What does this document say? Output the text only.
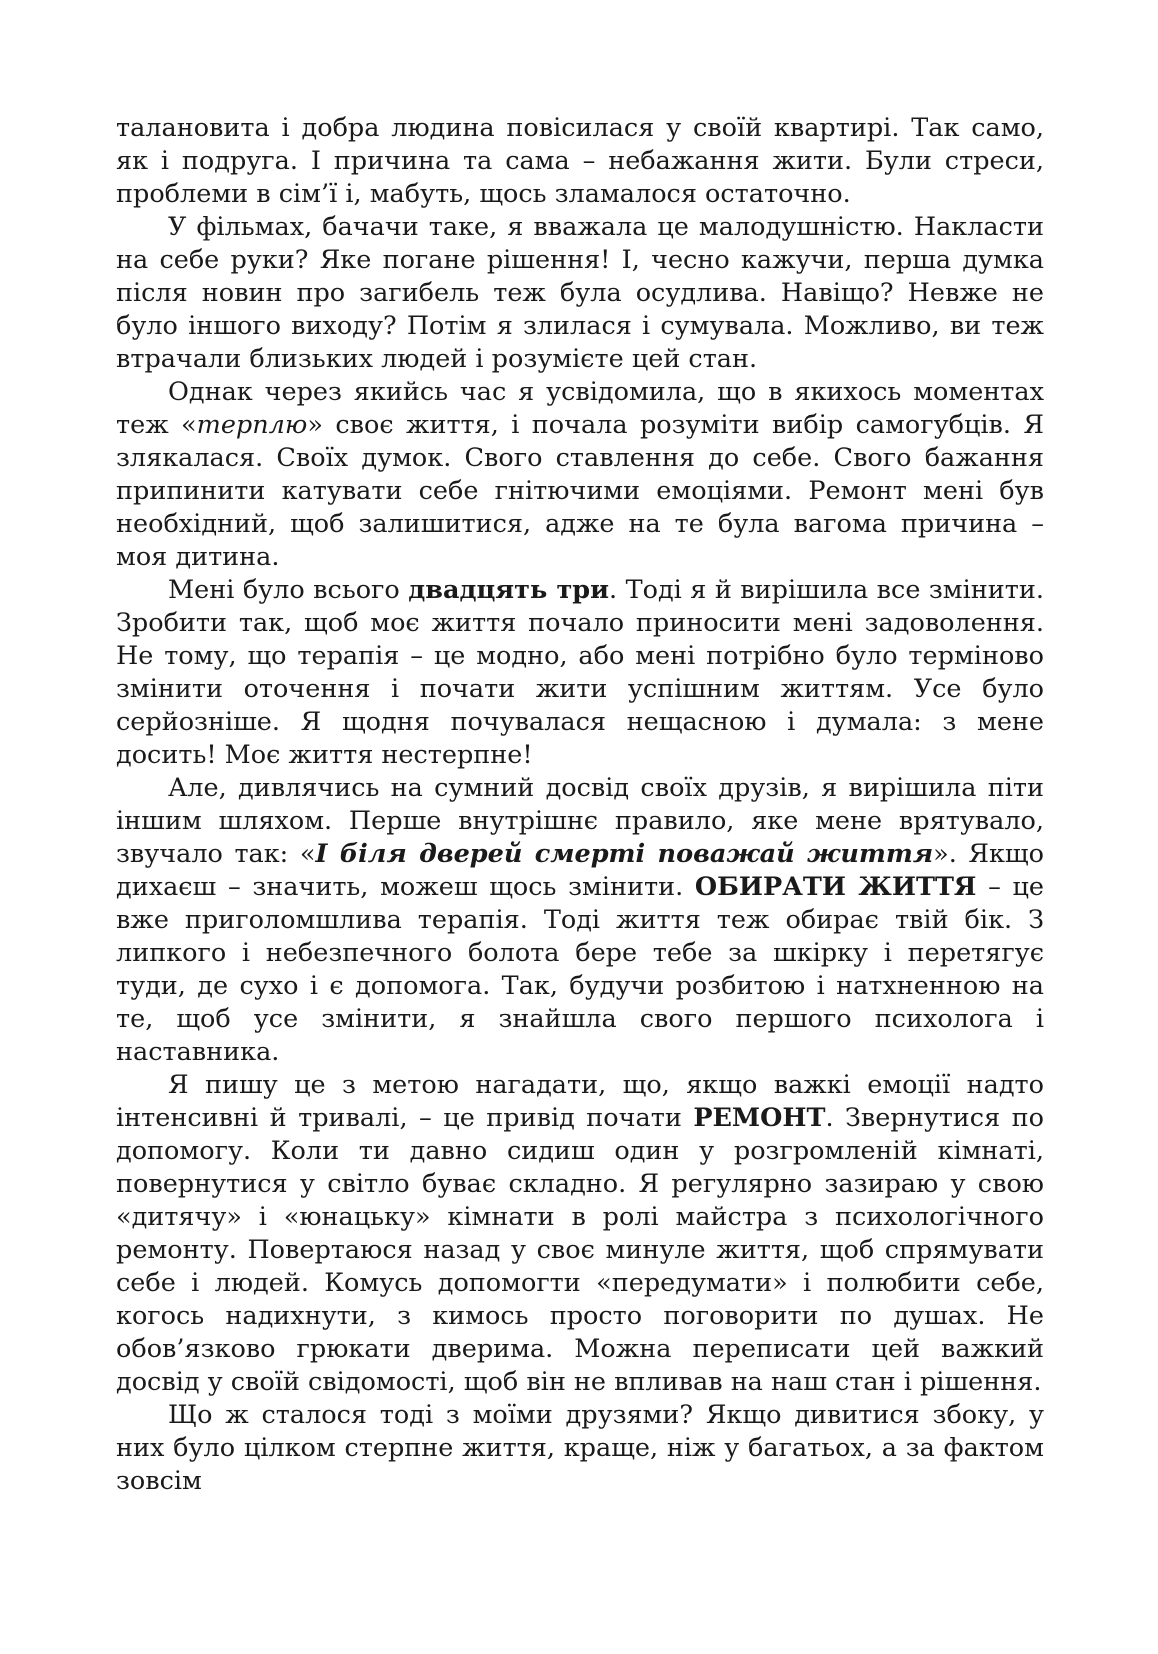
талановита і добра людина повісилася у своїй квартирі. Так само, як і подруга. І причина та сама – небажання жити. Були стреси, проблеми в сім’ї і, мабуть, щось зламалося остаточно.

У фільмах, бачачи таке, я вважала це малодушністю. Накласти на себе руки? Яке погане рішення! І, чесно кажучи, перша думка після новин про загибель теж була осудлива. Навіщо? Невже не було іншого виходу? Потім я злилася і сумувала. Можливо, ви теж втрачали близьких людей і розумієте цей стан.

Однак через якийсь час я усвідомила, що в якихось моментах теж «терплю» своє життя, і почала розуміти вибір самогубців. Я злякалася. Своїх думок. Свого ставлення до себе. Свого бажання припинити катувати себе гнітючими емоціями. Ремонт мені був необхідний, щоб залишитися, адже на те була вагома причина – моя дитина.

Мені було всього двадцять три. Тоді я й вирішила все змінити. Зробити так, щоб моє життя почало приносити мені задоволення. Не тому, що терапія – це модно, або мені потрібно було терміново змінити оточення і почати жити успішним життям. Усе було серйозніше. Я щодня почувалася нещасною і думала: з мене досить! Моє життя нестерпне!

Але, дивлячись на сумний досвід своїх друзів, я вирішила піти іншим шляхом. Перше внутрішнє правило, яке мене врятувало, звучало так: «І біля дверей смерті поважай життя». Якщо дихаєш – значить, можеш щось змінити. ОБИРАТИ ЖИТТЯ – це вже приголомшлива терапія. Тоді життя теж обирає твій бік. З липкого і небезпечного болота бере тебе за шкірку і перетягує туди, де сухо і є допомога. Так, будучи розбитою і натхненною на те, щоб усе змінити, я знайшла свого першого психолога і наставника.

Я пишу це з метою нагадати, що, якщо важкі емоції надто інтенсивні й тривалі, – це привід почати РЕМОНТ. Звернутися по допомогу. Коли ти давно сидиш один у розгромленій кімнаті, повернутися у світло буває складно. Я регулярно зазираю у свою «дитячу» і «юнацьку» кімнати в ролі майстра з психологічного ремонту. Повертаюся назад у своє минуле життя, щоб спрямувати себе і людей. Комусь допомогти «передумати» і полюбити себе, когось надихнути, з кимось просто поговорити по душах. Не обов’язково грюкати дверима. Можна переписати цей важкий досвід у своїй свідомості, щоб він не впливав на наш стан і рішення.

Що ж сталося тоді з моїми друзями? Якщо дивитися збоку, у них було цілком стерпне життя, краще, ніж у багатьох, а за фактом зовсім
